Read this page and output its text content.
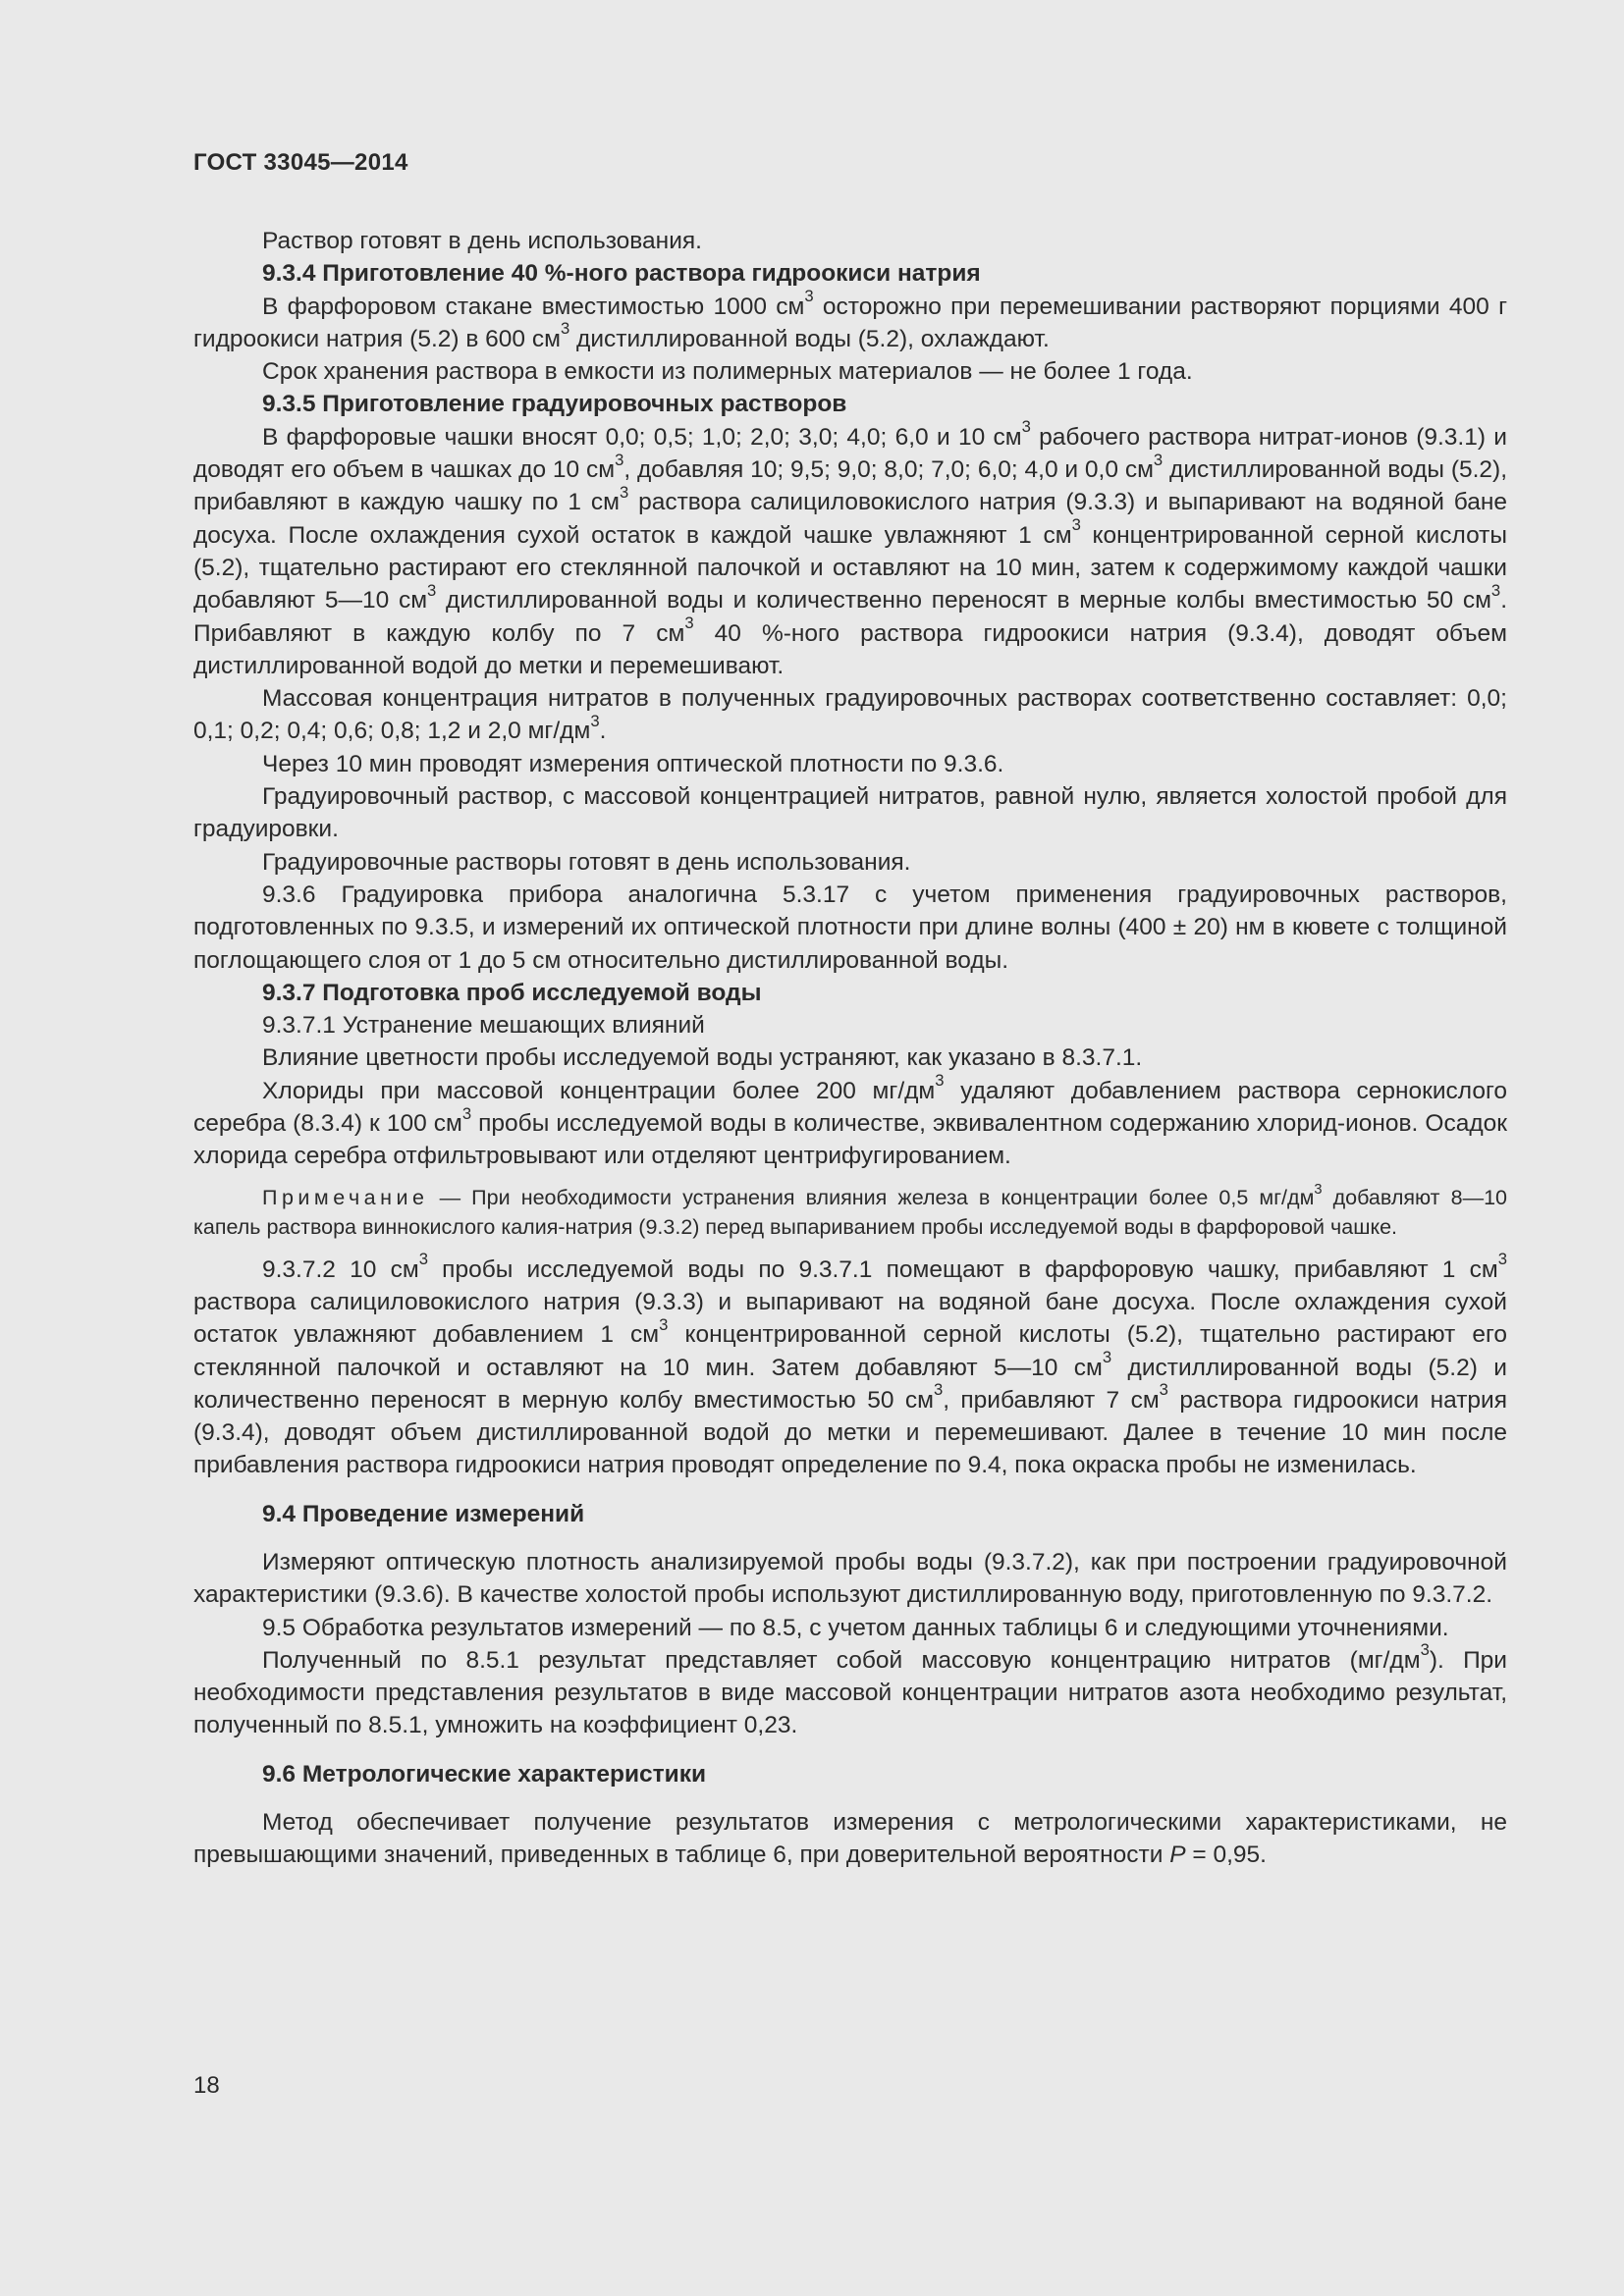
ГОСТ 33045—2014
Раствор готовят в день использования.
9.3.4 Приготовление 40 %-ного раствора гидроокиси натрия
В фарфоровом стакане вместимостью 1000 $см^3$ осторожно при перемешивании растворяют порциями 400 г гидроокиси натрия (5.2) в 600 $см^3$ дистиллированной воды (5.2), охлаждают.
Срок хранения раствора в емкости из полимерных материалов — не более 1 года.
9.3.5 Приготовление градуировочных растворов
В фарфоровые чашки вносят 0,0; 0,5; 1,0; 2,0; 3,0; 4,0; 6,0 и 10 $см^3$ рабочего раствора нитрат-ионов (9.3.1) и доводят его объем в чашках до 10 $см^3$, добавляя 10; 9,5; 9,0; 8,0; 7,0; 6,0; 4,0 и 0,0 $см^3$ дистиллированной воды (5.2), прибавляют в каждую чашку по 1 $см^3$ раствора салициловокислого натрия (9.3.3) и выпаривают на водяной бане досуха. После охлаждения сухой остаток в каждой чашке увлажняют 1 $см^3$ концентрированной серной кислоты (5.2), тщательно растирают его стеклянной палочкой и оставляют на 10 мин, затем к содержимому каждой чашки добавляют 5—10 $см^3$ дистиллированной воды и количественно переносят в мерные колбы вместимостью 50 $см^3$. Прибавляют в каждую колбу по 7 $см^3$ 40 %-ного раствора гидроокиси натрия (9.3.4), доводят объем дистиллированной водой до метки и перемешивают.
Массовая концентрация нитратов в полученных градуировочных растворах соответственно составляет: 0,0; 0,1; 0,2; 0,4; 0,6; 0,8; 1,2 и 2,0 $мг/дм^3$.
Через 10 мин проводят измерения оптической плотности по 9.3.6.
Градуировочный раствор, с массовой концентрацией нитратов, равной нулю, является холостой пробой для градуировки.
Градуировочные растворы готовят в день использования.
9.3.6 Градуировка прибора аналогична 5.3.17 с учетом применения градуировочных растворов, подготовленных по 9.3.5, и измерений их оптической плотности при длине волны (400 ± 20) нм в кювете с толщиной поглощающего слоя от 1 до 5 см относительно дистиллированной воды.
9.3.7 Подготовка проб исследуемой воды
9.3.7.1 Устранение мешающих влияний
Влияние цветности пробы исследуемой воды устраняют, как указано в 8.3.7.1.
Хлориды при массовой концентрации более 200 $мг/дм^3$ удаляют добавлением раствора сернокислого серебра (8.3.4) к 100 $см^3$ пробы исследуемой воды в количестве, эквивалентном содержанию хлорид-ионов. Осадок хлорида серебра отфильтровывают или отделяют центрифугированием.
Примечание — При необходимости устранения влияния железа в концентрации более 0,5 $мг/дм^3$ добавляют 8—10 капель раствора виннокислого калия-натрия (9.3.2) перед выпариванием пробы исследуемой воды в фарфоровой чашке.
9.3.7.2 10 $см^3$ пробы исследуемой воды по 9.3.7.1 помещают в фарфоровую чашку, прибавляют 1 $см^3$ раствора салициловокислого натрия (9.3.3) и выпаривают на водяной бане досуха. После охлаждения сухой остаток увлажняют добавлением 1 $см^3$ концентрированной серной кислоты (5.2), тщательно растирают его стеклянной палочкой и оставляют на 10 мин. Затем добавляют 5—10 $см^3$ дистиллированной воды (5.2) и количественно переносят в мерную колбу вместимостью 50 $см^3$, прибавляют 7 $см^3$ раствора гидроокиси натрия (9.3.4), доводят объем дистиллированной водой до метки и перемешивают. Далее в течение 10 мин после прибавления раствора гидроокиси натрия проводят определение по 9.4, пока окраска пробы не изменилась.
9.4 Проведение измерений
Измеряют оптическую плотность анализируемой пробы воды (9.3.7.2), как при построении градуировочной характеристики (9.3.6). В качестве холостой пробы используют дистиллированную воду, приготовленную по 9.3.7.2.
9.5 Обработка результатов измерений — по 8.5, с учетом данных таблицы 6 и следующими уточнениями.
Полученный по 8.5.1 результат представляет собой массовую концентрацию нитратов $(мг/дм^3)$. При необходимости представления результатов в виде массовой концентрации нитратов азота необходимо результат, полученный по 8.5.1, умножить на коэффициент 0,23.
9.6 Метрологические характеристики
Метод обеспечивает получение результатов измерения с метрологическими характеристиками, не превышающими значений, приведенных в таблице 6, при доверительной вероятности P = 0,95.
18
